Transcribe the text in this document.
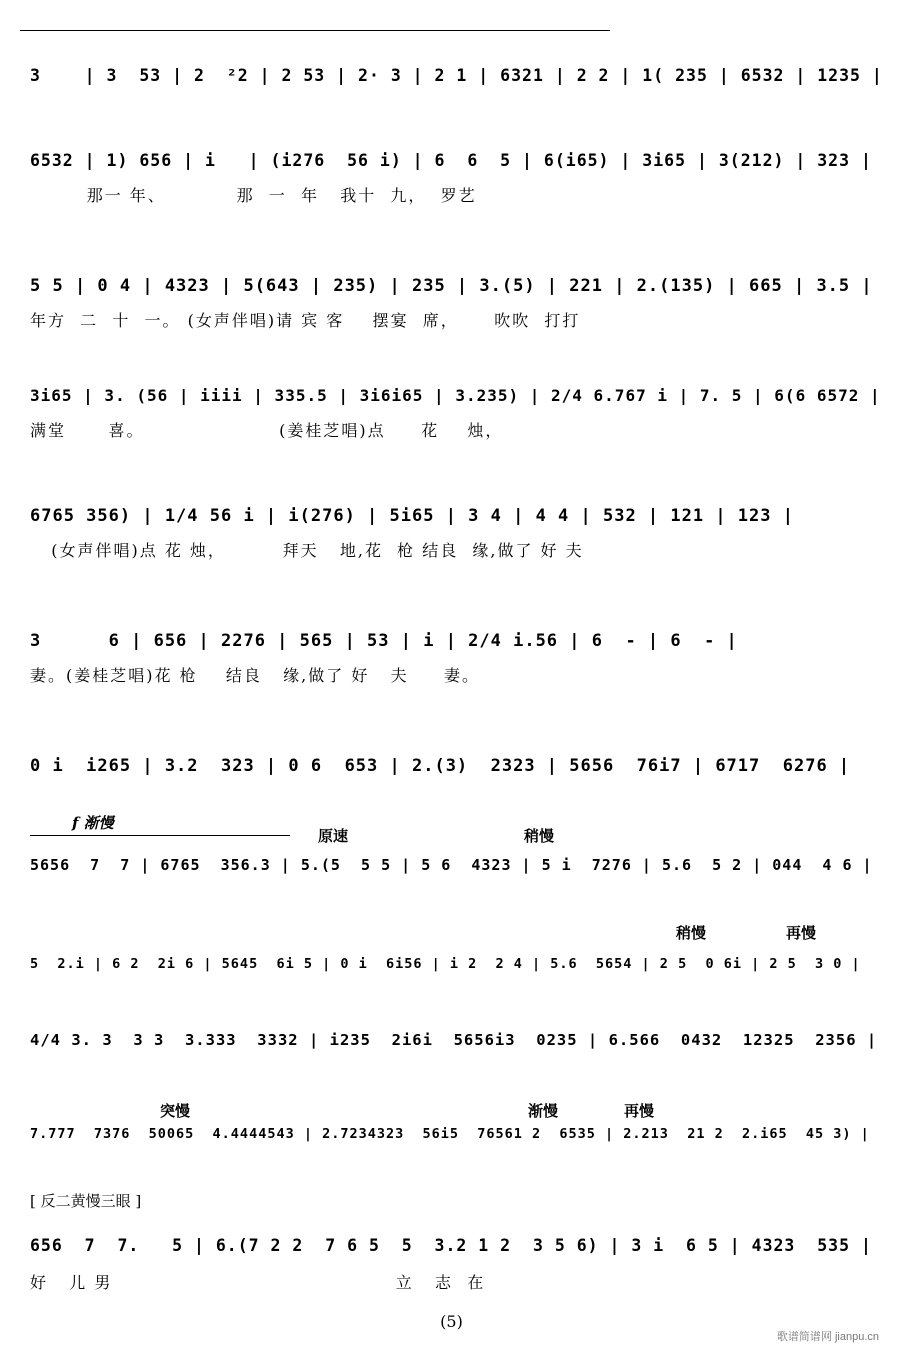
3    | 3  53 | 2  ²2 | 2 53 | 2· 3 | 2 1 | 6321 | 2 2 | 1( 235 | 6532 | 1235 |
6532 | 1) 656 | i   | (i276  56 i) | 6  6  5 | 6(i65) | 3i65 | 3(212) | 323 |
那一 年、          那  一  年   我十  九，  罗艺
5 5 | 0 4 | 4323 | 5(643 | 235) | 235 | 3.(5) | 221 | 2.(135) | 665 | 3.5 |
年方  二  十  一。 (女声伴唱)请 宾 客    摆宴  席，     吹吹  打打
3i65 | 3. (56 | iiii | 335.5 | 3i6i65 | 3.235) | 2/4 6.767 i | 7. 5 | 6(6 6572 |
满堂      喜。                   (姜桂芝唱)点     花    烛，
6765 356) | 1/4 56 i | i(276) | 5i65 | 3 4 | 4 4 | 532 | 121 | 123 |
(女声伴唱)点 花 烛，        拜天   地,花  枪 结良  缘,做了 好 夫
3      6 | 656 | 2276 | 565 | 53 | i | 2/4 i.56 | 6  - | 6  - |
妻。(姜桂芝唱)花 枪    结良   缘,做了 好   夫     妻。
0 i  i265 | 3.2  323 | 0 6  653 | 2.(3)  2323 | 5656  76i7 | 6717  6276 |
f 渐慢
原速	稍慢
5656  7  7 | 6765  356.3 | 5.(5  5 5 | 5 6  4323 | 5 i  7276 | 5.6  5 2 | 044  4 6 |
稍慢	再慢
5  2.i | 6 2  2i 6 | 5645  6i 5 | 0 i  6i56 | i 2  2 4 | 5.6  5654 | 2 5  0 6i | 2 5  3 0 |
4/4 3. 3  3 3  3.333  3332 | i235  2i6i  5656i3  0235 | 6.566  0432  12325  2356 |
突慢	渐慢	再慢
7.777  7376  50065  4.4444543 | 2.7234323  56i5  76561 2  6535 | 2.213  21 2  2.i65  45 3) |
[ 反二黄慢三眼 ]
656  7  7.   5 | 6.(7 2 2  7 6 5  5  3.2 1 2  3 5 6) | 3 i  6 5 | 4323  535 |
好   儿 男                                        立   志  在
(5)
歌谱简谱网 jianpu.cn
